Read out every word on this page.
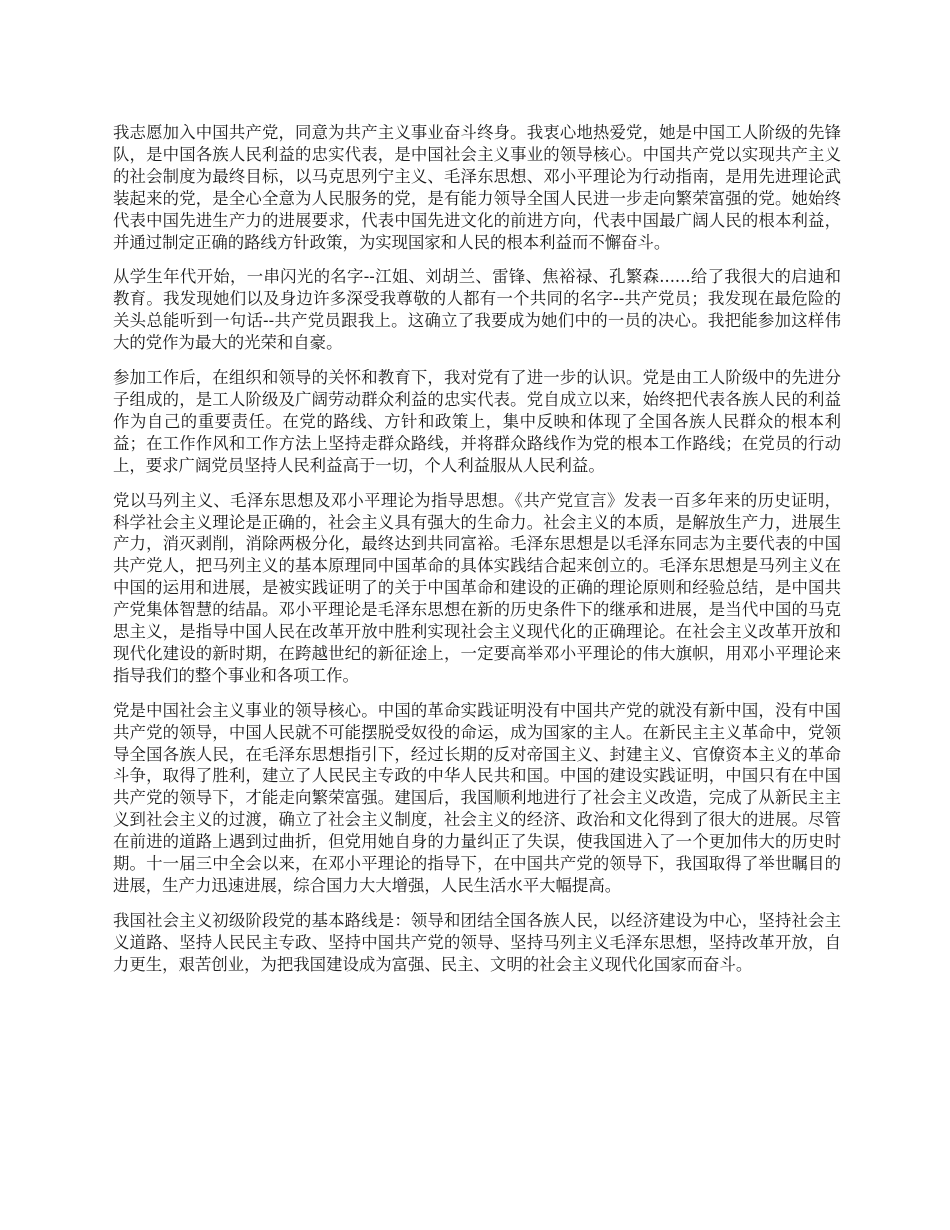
我志愿加入中国共产党，同意为共产主义事业奋斗终身。我衷心地热爱党，她是中国工人阶级的先锋队，是中国各族人民利益的忠实代表，是中国社会主义事业的领导核心。中国共产党以实现共产主义的社会制度为最终目标，以马克思列宁主义、毛泽东思想、邓小平理论为行动指南，是用先进理论武装起来的党，是全心全意为人民服务的党，是有能力领导全国人民进一步走向繁荣富强的党。她始终代表中国先进生产力的进展要求，代表中国先进文化的前进方向，代表中国最广阔人民的根本利益，并通过制定正确的路线方针政策，为实现国家和人民的根本利益而不懈奋斗。

从学生年代开始，一串闪光的名字--江姐、刘胡兰、雷锋、焦裕禄、孔繁森......给了我很大的启迪和教育。我发现她们以及身边许多深受我尊敬的人都有一个共同的名字--共产党员；我发现在最危险的关头总能听到一句话--共产党员跟我上。这确立了我要成为她们中的一员的决心。我把能参加这样伟大的党作为最大的光荣和自豪。

参加工作后，在组织和领导的关怀和教育下，我对党有了进一步的认识。党是由工人阶级中的先进分子组成的，是工人阶级及广阔劳动群众利益的忠实代表。党自成立以来，始终把代表各族人民的利益作为自己的重要责任。在党的路线、方针和政策上，集中反映和体现了全国各族人民群众的根本利益；在工作作风和工作方法上坚持走群众路线，并将群众路线作为党的根本工作路线；在党员的行动上，要求广阔党员坚持人民利益高于一切，个人利益服从人民利益。

党以马列主义、毛泽东思想及邓小平理论为指导思想。《共产党宣言》发表一百多年来的历史证明，科学社会主义理论是正确的，社会主义具有强大的生命力。社会主义的本质，是解放生产力，进展生产力，消灭剥削，消除两极分化，最终达到共同富裕。毛泽东思想是以毛泽东同志为主要代表的中国共产党人，把马列主义的基本原理同中国革命的具体实践结合起来创立的。毛泽东思想是马列主义在中国的运用和进展，是被实践证明了的关于中国革命和建设的正确的理论原则和经验总结，是中国共产党集体智慧的结晶。邓小平理论是毛泽东思想在新的历史条件下的继承和进展，是当代中国的马克思主义，是指导中国人民在改革开放中胜利实现社会主义现代化的正确理论。在社会主义改革开放和现代化建设的新时期，在跨越世纪的新征途上，一定要高举邓小平理论的伟大旗帜，用邓小平理论来指导我们的整个事业和各项工作。

党是中国社会主义事业的领导核心。中国的革命实践证明没有中国共产党的就没有新中国，没有中国共产党的领导，中国人民就不可能摆脱受奴役的命运，成为国家的主人。在新民主主义革命中，党领导全国各族人民，在毛泽东思想指引下，经过长期的反对帝国主义、封建主义、官僚资本主义的革命斗争，取得了胜利，建立了人民民主专政的中华人民共和国。中国的建设实践证明，中国只有在中国共产党的领导下，才能走向繁荣富强。建国后，我国顺利地进行了社会主义改造，完成了从新民主主义到社会主义的过渡，确立了社会主义制度，社会主义的经济、政治和文化得到了很大的进展。尽管在前进的道路上遇到过曲折，但党用她自身的力量纠正了失误，使我国进入了一个更加伟大的历史时期。十一届三中全会以来，在邓小平理论的指导下，在中国共产党的领导下，我国取得了举世瞩目的进展，生产力迅速进展，综合国力大大增强，人民生活水平大幅提高。

我国社会主义初级阶段党的基本路线是：领导和团结全国各族人民，以经济建设为中心，坚持社会主义道路、坚持人民民主专政、坚持中国共产党的领导、坚持马列主义毛泽东思想，坚持改革开放，自力更生，艰苦创业，为把我国建设成为富强、民主、文明的社会主义现代化国家而奋斗。
